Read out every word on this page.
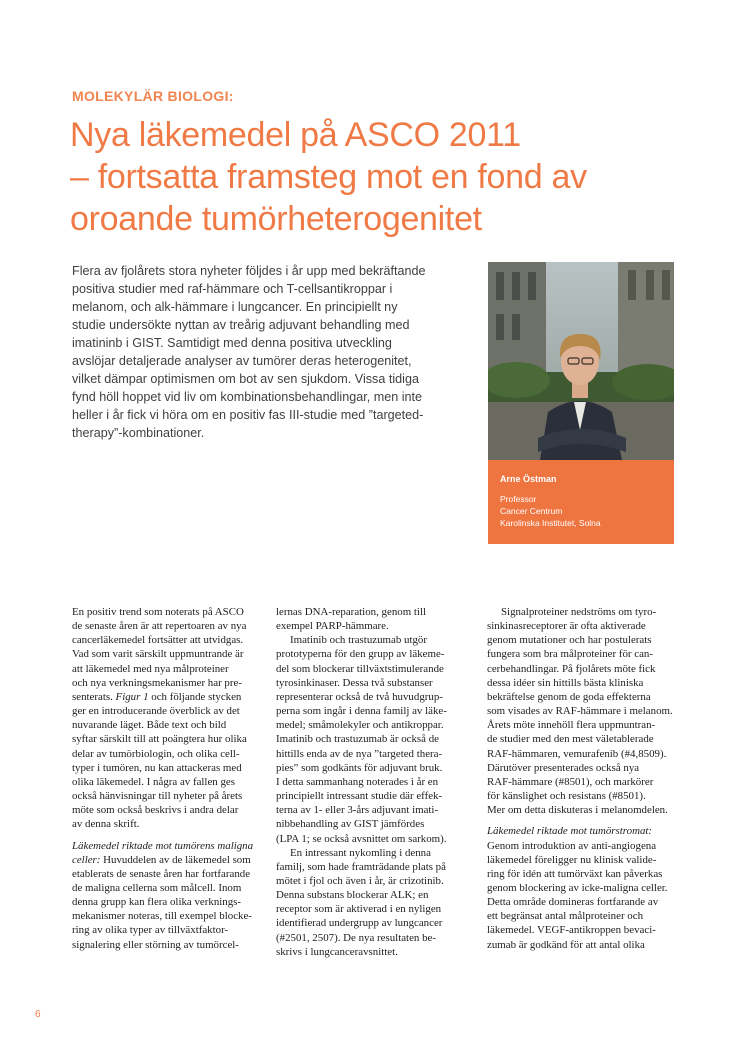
MOLEKYLÄR BIOLOGI:
Nya läkemedel på ASCO 2011
– fortsatta framsteg mot en fond av
oroande tumörheterogenitet

Flera av fjolårets stora nyheter följdes i år upp med bekräftande
positiva studier med raf-hämmare och T-cellsantikroppar i
melanom, och alk-hämmare i lungcancer. En principiellt ny
studie undersökte nyttan av treårig adjuvant behandling med
imatininb i GIST. Samtidigt med denna positiva utveckling
avslöjar detaljerade analyser av tumörer deras heterogenitet,
vilket dämpar optimismen om bot av sen sjukdom. Vissa tidiga
fynd höll hoppet vid liv om kombinationsbehandlingar, men inte
heller i år fick vi höra om en positiv fas III-studie med ”targeted-
therapy”-kombinationer.

Arne Östman
Professor
Cancer Centrum
Karolinska Institutet, Solna
En positiv trend som noterats på ASCO
de senaste åren är att repertoaren av nya
cancerläkemedel fortsätter att utvidgas.
Vad som varit särskilt uppmuntrande är
att läkemedel med nya målproteiner
och nya verkningsmekanismer har pre-
senterats. Figur 1 och följande stycken
ger en introducerande överblick av det
nuvarande läget. Både text och bild
syftar särskilt till att poängtera hur olika
delar av tumörbiologin, och olika cell-
typer i tumören, nu kan attackeras med
olika läkemedel. I några av fallen ges
också hänvisningar till nyheter på årets
möte som också beskrivs i andra delar
av denna skrift.
Läkemedel riktade mot tumörens maligna
celler: Huvuddelen av de läkemedel som
etablerats de senaste åren har fortfarande
de maligna cellerna som målcell. Inom
denna grupp kan flera olika verknings-
mekanismer noteras, till exempel blocke-
ring av olika typer av tillväxtfaktor-
signalering eller störning av tumörcel-
lernas DNA-reparation, genom till
exempel PARP-hämmare.
Imatinib och trastuzumab utgör
prototyperna för den grupp av läkeme-
del som blockerar tillväxtstimulerande
tyrosinkinaser. Dessa två substanser
representerar också de två huvudgrup-
perna som ingår i denna familj av läke-
medel; småmolekyler och antikroppar.
Imatinib och trastuzumab är också de
hittills enda av de nya ”targeted thera-
pies” som godkänts för adjuvant bruk.
I detta sammanhang noterades i år en
principiellt intressant studie där effek-
terna av 1- eller 3-års adjuvant imati-
nibbehandling av GIST jämfördes
(LPA 1; se också avsnittet om sarkom).
En intressant nykomling i denna
familj, som hade framträdande plats på
mötet i fjol och även i år, är crizotinib.
Denna substans blockerar ALK; en
receptor som är aktiverad i en nyligen
identifierad undergrupp av lungcancer
(#2501, 2507). De nya resultaten be-
skrivs i lungcanceravsnittet.
Signalproteiner nedströms om tyro-
sinkinasreceptorer är ofta aktiverade
genom mutationer och har postulerats
fungera som bra målproteiner för can-
cerbehandlingar. På fjolårets möte fick
dessa idéer sin hittills bästa kliniska
bekräftelse genom de goda effekterna
som visades av RAF-hämmare i melanom.
Årets möte innehöll flera uppmuntran-
de studier med den mest väletablerade
RAF-hämmaren, vemurafenib (#4,8509).
Därutöver presenterades också nya
RAF-hämmare (#8501), och markörer
för känslighet och resistans (#8501).
Mer om detta diskuteras i melanomdelen.
Läkemedel riktade mot tumörstromat:
Genom introduktion av anti-angiogena
läkemedel föreligger nu klinisk valide-
ring för idén att tumörväxt kan påverkas
genom blockering av icke-maligna celler.
Detta område domineras fortfarande av
ett begränsat antal målproteiner och
läkemedel. VEGF-antikroppen bevaci-
zumab är godkänd för att antal olika
6
